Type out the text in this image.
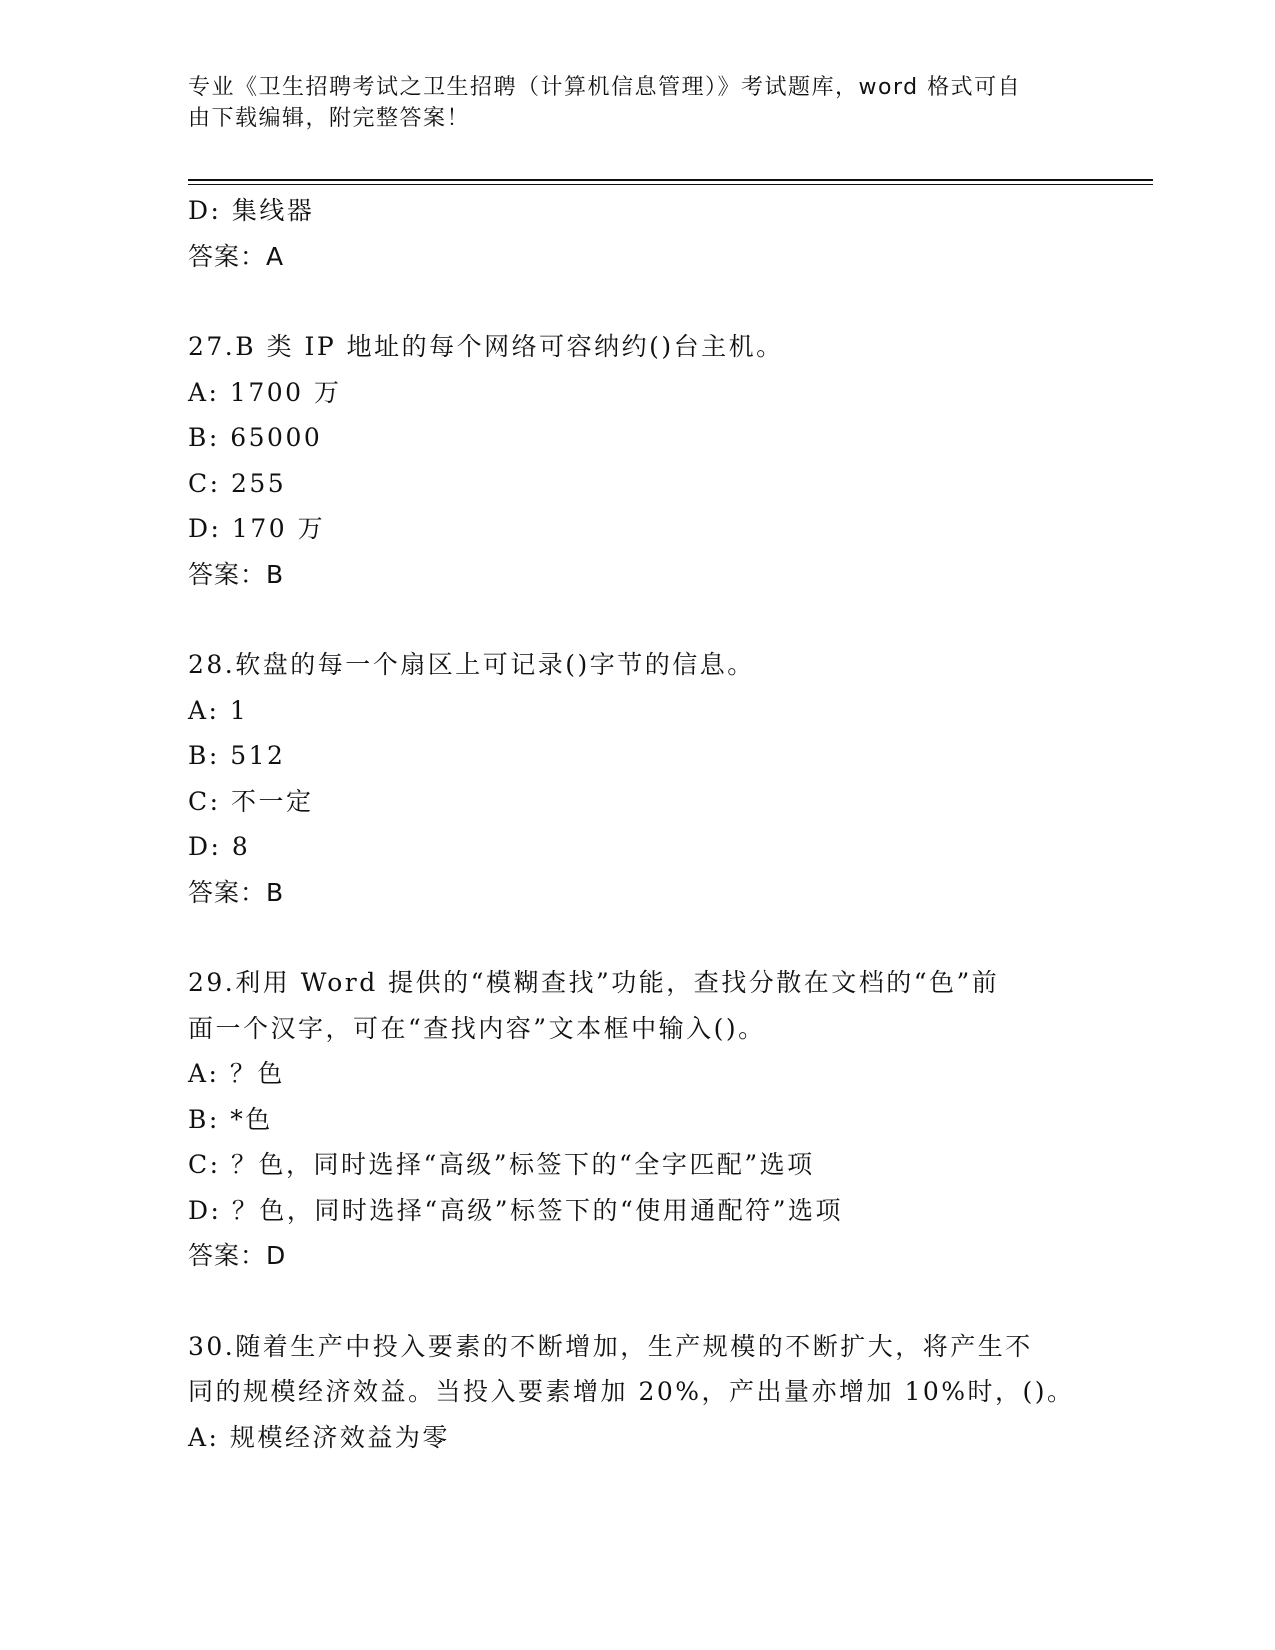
专业《卫生招聘考试之卫生招聘（计算机信息管理）》考试题库，word 格式可自
由下载编辑，附完整答案！
D: 集线器
答案：A
27.B 类 IP 地址的每个网络可容纳约()台主机。
A: 1700 万
B: 65000
C: 255
D: 170 万
答案：B
28.软盘的每一个扇区上可记录()字节的信息。
A: 1
B: 512
C: 不一定
D: 8
答案：B
29.利用 Word 提供的“模糊查找”功能，查找分散在文档的“色”前
面一个汉字，可在“查找内容”文本框中输入()。
A: ？色
B: *色
C: ？色，同时选择“高级”标签下的“全字匹配”选项
D: ？色，同时选择“高级”标签下的“使用通配符”选项
答案：D
30.随着生产中投入要素的不断增加，生产规模的不断扩大，将产生不
同的规模经济效益。当投入要素增加 20%，产出量亦增加 10%时，()。
A: 规模经济效益为零
